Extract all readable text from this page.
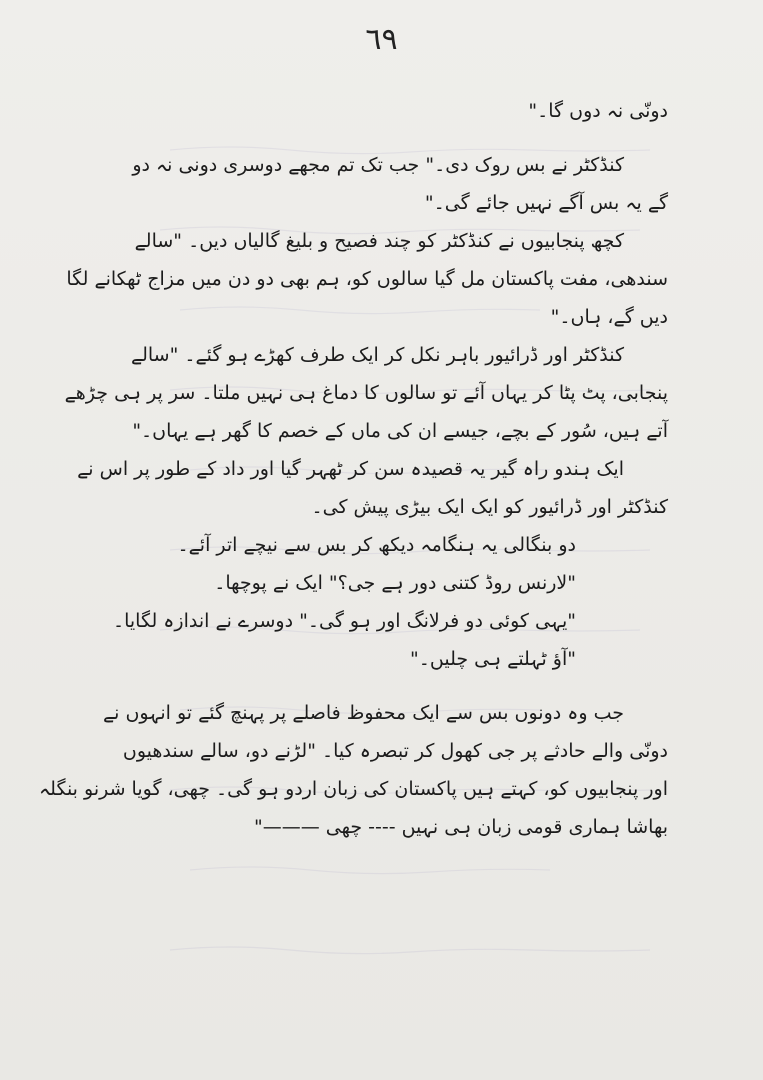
٦٩
دونّی نہ دوں گا۔"
کنڈکٹر نے بس روک دی۔" جب تک تم مجھے دوسری دونی نہ دو
گے یہ بس آگے نہیں جائے گی۔"
کچھ پنجابیوں نے کنڈکٹر کو چند فصیح و بلیغ گالیاں دیں۔ "سالے
سندھی، مفت پاکستان مل گیا سالوں کو، ہم بھی دو دن میں مزاج ٹھکانے لگا
دیں گے، ہاں۔"
کنڈکٹر اور ڈرائیور باہر نکل کر ایک طرف کھڑے ہو گئے۔ "سالے
پنجابی، پٹ پٹا کر یہاں آئے تو سالوں کا دماغ ہی نہیں ملتا۔ سر پر ہی چڑھے
آتے ہیں، سُور کے بچے، جیسے ان کی ماں کے خصم کا گھر ہے یہاں۔"
ایک ہندو راہ گیر یہ قصیدہ سن کر ٹھہر گیا اور داد کے طور پر اس نے
کنڈکٹر اور ڈرائیور کو ایک ایک بیڑی پیش کی۔
دو بنگالی یہ ہنگامہ دیکھ کر بس سے نیچے اتر آئے۔
"لارنس روڈ کتنی دور ہے جی؟" ایک نے پوچھا۔
"یہی کوئی دو فرلانگ اور ہو گی۔" دوسرے نے اندازہ لگایا۔
"آؤ ٹہلتے ہی چلیں۔"
جب وہ دونوں بس سے ایک محفوظ فاصلے پر پہنچ گئے تو انہوں نے
دونّی والے حادثے پر جی کھول کر تبصرہ کیا۔ "لڑنے دو، سالے سندھیوں
اور پنجابیوں کو، کہتے ہیں پاکستان کی زبان اردو ہو گی۔ چھی، گویا شرنو بنگلہ
بھاشا ہماری قومی زبان ہی نہیں ---- چھی ———"
